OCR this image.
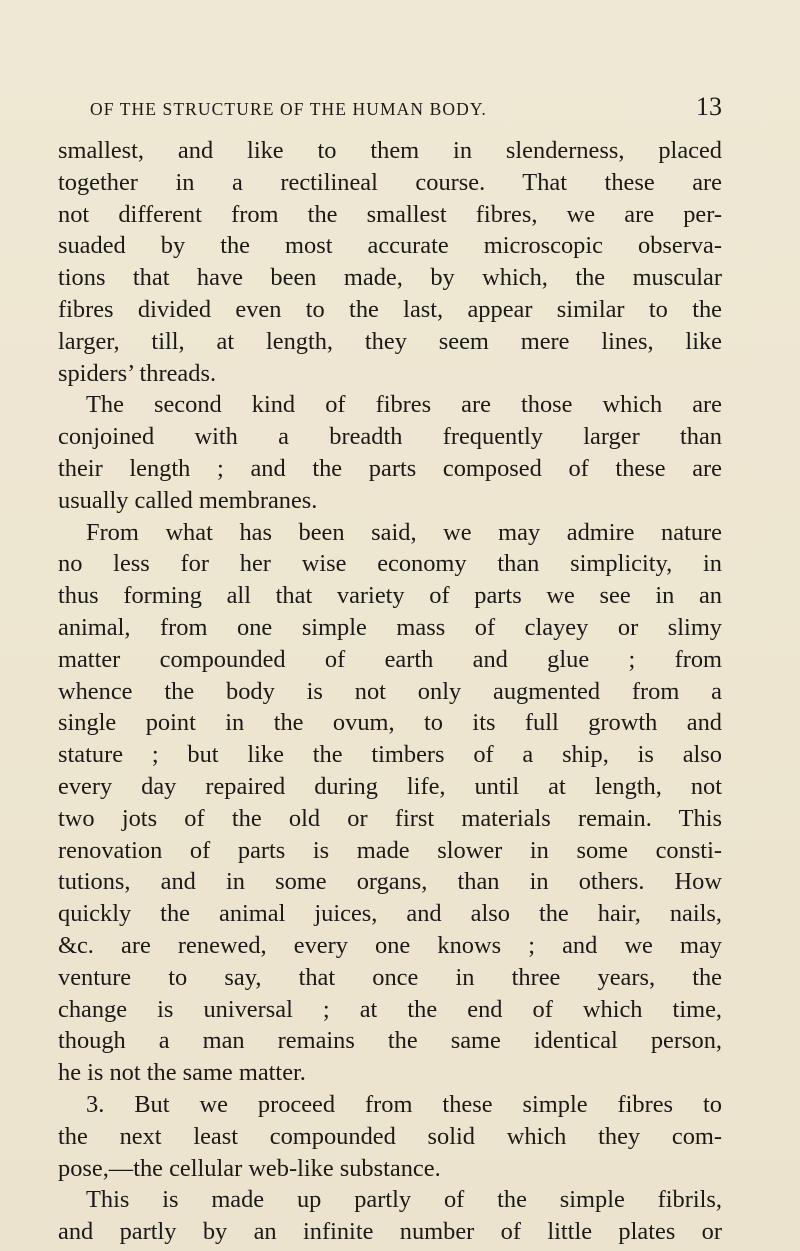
OF THE STRUCTURE OF THE HUMAN BODY.	13
smallest, and like to them in slenderness, placed
together in a rectilineal course. That these are
not different from the smallest fibres, we are per-
suaded by the most accurate microscopic observa-
tions that have been made, by which, the muscular
fibres divided even to the last, appear similar to the
larger, till, at length, they seem mere lines, like
spiders’ threads.
The second kind of fibres are those which are
conjoined with a breadth frequently larger than
their length ; and the parts composed of these are
usually called membranes.
From what has been said, we may admire nature
no less for her wise economy than simplicity, in
thus forming all that variety of parts we see in an
animal, from one simple mass of clayey or slimy
matter compounded of earth and glue ; from
whence the body is not only augmented from a
single point in the ovum, to its full growth and
stature ; but like the timbers of a ship, is also
every day repaired during life, until at length, not
two jots of the old or first materials remain. This
renovation of parts is made slower in some consti-
tutions, and in some organs, than in others. How
quickly the animal juices, and also the hair, nails,
&c. are renewed, every one knows ; and we may
venture to say, that once in three years, the
change is universal ; at the end of which time,
though a man remains the same identical person,
he is not the same matter.
3. But we proceed from these simple fibres to
the next least compounded solid which they com-
pose,—the cellular web-like substance.
This is made up partly of the simple fibrils,
and partly by an infinite number of little plates or
